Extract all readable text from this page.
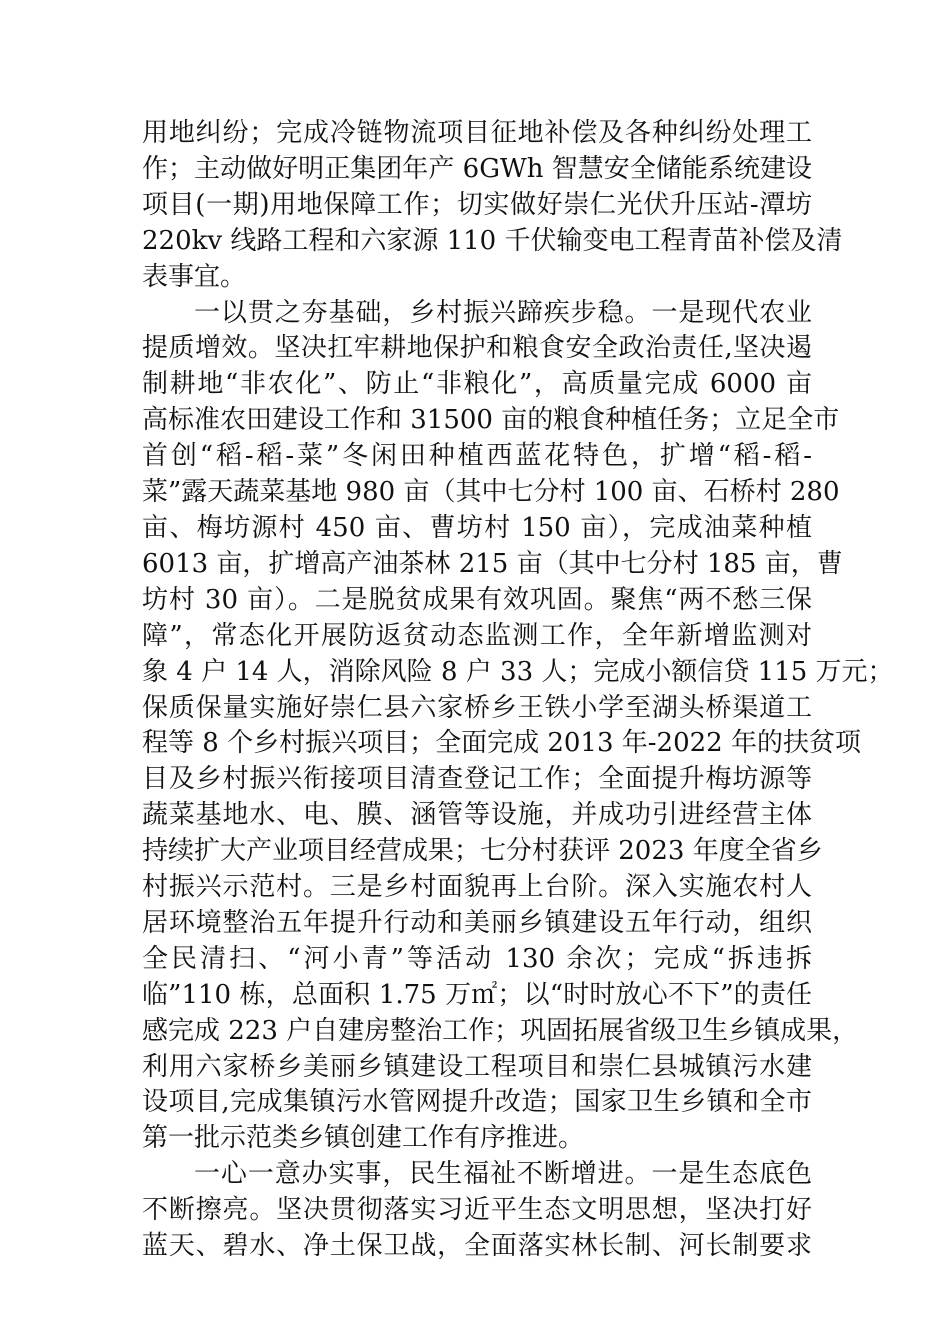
用地纠纷；完成冷链物流项目征地补偿及各种纠纷处理工
作；主动做好明正集团年产 6GWh 智慧安全储能系统建设
项目(一期)用地保障工作；切实做好崇仁光伏升压站-潭坊
220kv 线路工程和六家源 110 千伏输变电工程青苗补偿及清
表事宜。
一以贯之夯基础，乡村振兴蹄疾步稳。一是现代农业
提质增效。坚决扛牢耕地保护和粮食安全政治责任,坚决遏
制耕地“非农化”、防止“非粮化”，高质量完成 6000 亩
高标准农田建设工作和 31500 亩的粮食种植任务；立足全市
首创“稻-稻-菜”冬闲田种植西蓝花特色，扩增“稻-稻-
菜”露天蔬菜基地 980 亩（其中七分村 100 亩、石桥村 280
亩、梅坊源村 450 亩、曹坊村 150 亩），完成油菜种植
6013 亩，扩增高产油茶林 215 亩（其中七分村 185 亩，曹
坊村 30 亩）。二是脱贫成果有效巩固。聚焦“两不愁三保
障”，常态化开展防返贫动态监测工作，全年新增监测对
象 4 户 14 人，消除风险 8 户 33 人；完成小额信贷 115 万元；
保质保量实施好崇仁县六家桥乡王铁小学至湖头桥渠道工
程等 8 个乡村振兴项目；全面完成 2013 年-2022 年的扶贫项
目及乡村振兴衔接项目清查登记工作；全面提升梅坊源等
蔬菜基地水、电、膜、涵管等设施，并成功引进经营主体
持续扩大产业项目经营成果；七分村获评 2023 年度全省乡
村振兴示范村。三是乡村面貌再上台阶。深入实施农村人
居环境整治五年提升行动和美丽乡镇建设五年行动，组织
全民清扫、“河小青”等活动 130 余次；完成“拆违拆
临”110 栋，总面积 1.75 万㎡；以“时时放心不下”的责任
感完成 223 户自建房整治工作；巩固拓展省级卫生乡镇成果，
利用六家桥乡美丽乡镇建设工程项目和崇仁县城镇污水建
设项目,完成集镇污水管网提升改造；国家卫生乡镇和全市
第一批示范类乡镇创建工作有序推进。
一心一意办实事，民生福祉不断增进。一是生态底色
不断擦亮。坚决贯彻落实习近平生态文明思想，坚决打好
蓝天、碧水、净土保卫战，全面落实林长制、河长制要求
